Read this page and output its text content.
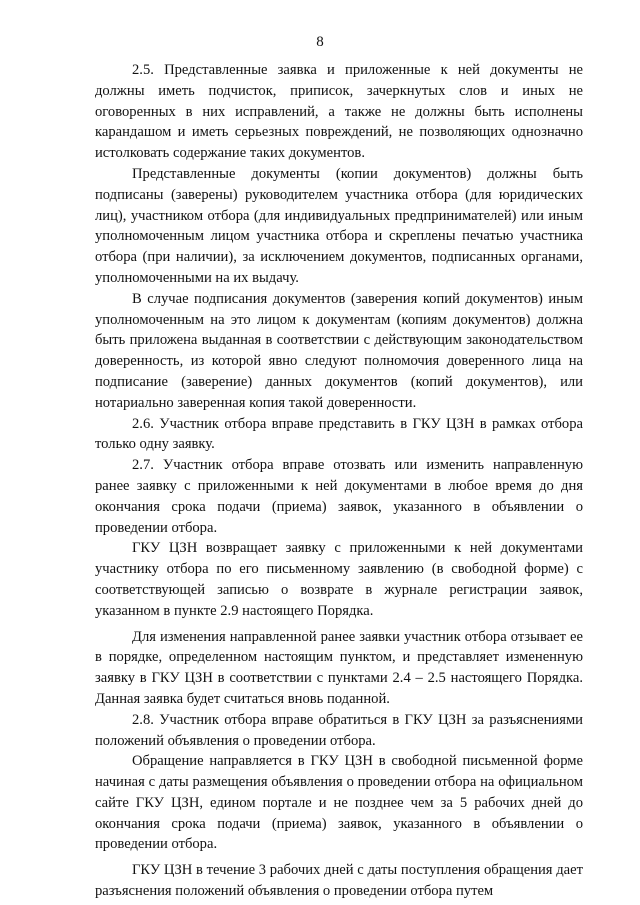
8

2.5. Представленные заявка и приложенные к ней документы не должны иметь подчисток, приписок, зачеркнутых слов и иных не оговоренных в них исправлений, а также не должны быть исполнены карандашом и иметь серьезных повреждений, не позволяющих однозначно истолковать содержание таких документов.

Представленные документы (копии документов) должны быть подписаны (заверены) руководителем участника отбора (для юридических лиц), участником отбора (для индивидуальных предпринимателей) или иным уполномоченным лицом участника отбора и скреплены печатью участника отбора (при наличии), за исключением документов, подписанных органами, уполномоченными на их выдачу.

В случае подписания документов (заверения копий документов) иным уполномоченным на это лицом к документам (копиям документов) должна быть приложена выданная в соответствии с действующим законодательством доверенность, из которой явно следуют полномочия доверенного лица на подписание (заверение) данных документов (копий документов), или нотариально заверенная копия такой доверенности.

2.6. Участник отбора вправе представить в ГКУ ЦЗН в рамках отбора только одну заявку.

2.7. Участник отбора вправе отозвать или изменить направленную ранее заявку с приложенными к ней документами в любое время до дня окончания срока подачи (приема) заявок, указанного в объявлении о проведении отбора.

ГКУ ЦЗН возвращает заявку с приложенными к ней документами участнику отбора по его письменному заявлению (в свободной форме) с соответствующей записью о возврате в журнале регистрации заявок, указанном в пункте 2.9 настоящего Порядка.

Для изменения направленной ранее заявки участник отбора отзывает ее в порядке, определенном настоящим пунктом, и представляет измененную заявку в ГКУ ЦЗН в соответствии с пунктами 2.4 – 2.5 настоящего Порядка. Данная заявка будет считаться вновь поданной.

2.8. Участник отбора вправе обратиться в ГКУ ЦЗН за разъяснениями положений объявления о проведении отбора.

Обращение направляется в ГКУ ЦЗН в свободной письменной форме начиная с даты размещения объявления о проведении отбора на официальном сайте ГКУ ЦЗН, едином портале и не позднее чем за 5 рабочих дней до окончания срока подачи (приема) заявок, указанного в объявлении о проведении отбора.

ГКУ ЦЗН в течение 3 рабочих дней с даты поступления обращения дает разъяснения положений объявления о проведении отбора путем
